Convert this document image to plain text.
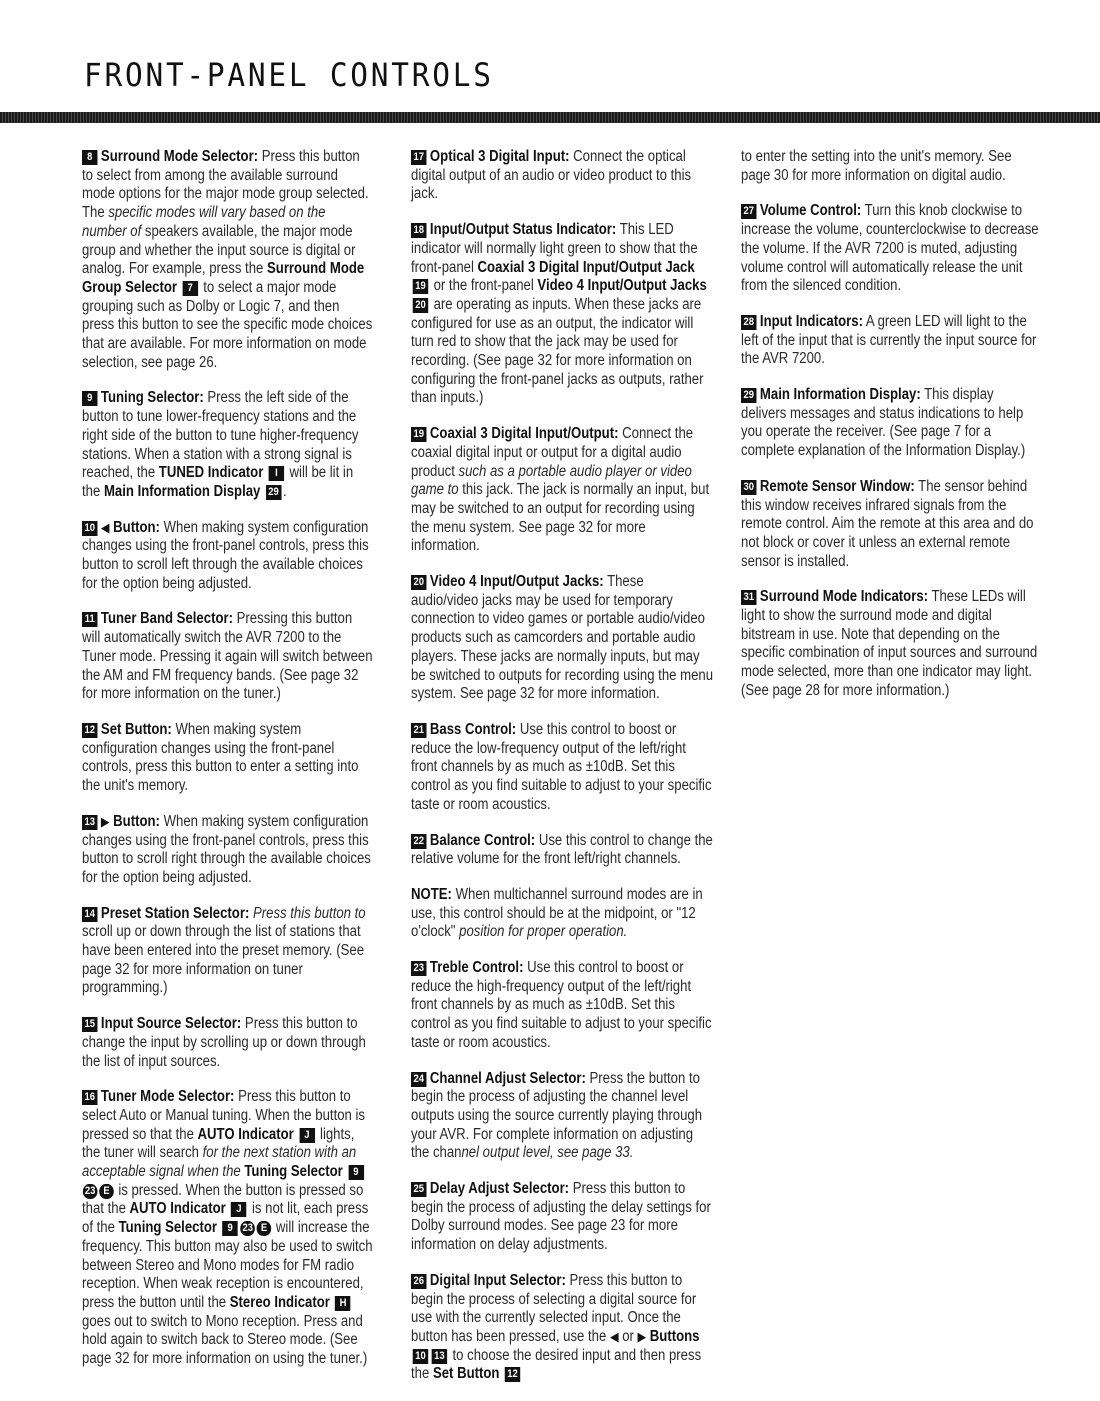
FRONT-PANEL CONTROLS

8 Surround Mode Selector: Press this button to select from among the available surround mode options for the major mode group selected. The specific modes will vary based on the number of speakers available, the major mode group and whether the input source is digital or analog. For example, press the Surround Mode Group Selector 7 to select a major mode grouping such as Dolby or Logic 7, and then press this button to see the specific mode choices that are available. For more information on mode selection, see page 26.

9 Tuning Selector: Press the left side of the button to tune lower-frequency stations and the right side of the button to tune higher-frequency stations. When a station with a strong signal is reached, the TUNED Indicator I will be lit in the Main Information Display 29 .

10 ◀ Button: When making system configuration changes using the front-panel controls, press this button to scroll left through the available choices for the option being adjusted.

11 Tuner Band Selector: Pressing this button will automatically switch the AVR 7200 to the Tuner mode. Pressing it again will switch between the AM and FM frequency bands. (See page 32 for more information on the tuner.)

12 Set Button: When making system configuration changes using the front-panel controls, press this button to enter a setting into the unit's memory.

13 ▶ Button: When making system configuration changes using the front-panel controls, press this button to scroll right through the available choices for the option being adjusted.

14 Preset Station Selector: Press this button to scroll up or down through the list of stations that have been entered into the preset memory. (See page 32 for more information on tuner programming.)

15 Input Source Selector: Press this button to change the input by scrolling up or down through the list of input sources.

16 Tuner Mode Selector: Press this button to select Auto or Manual tuning. When the button is pressed so that the AUTO Indicator J lights, the tuner will search for the next station with an acceptable signal when the Tuning Selector 923 E is pressed. When the button is pressed so that the AUTO Indicator J is not lit, each press of the Tuning Selector 9 23 E will increase the frequency. This button may also be used to switch between Stereo and Mono modes for FM radio reception. When weak reception is encountered, press the button until the Stereo Indicator H goes out to switch to Mono reception. Press and hold again to switch back to Stereo mode. (See page 32 for more information on using the tuner.)

17 Optical 3 Digital Input: Connect the optical digital output of an audio or video product to this jack.

18 Input/Output Status Indicator: This LED indicator will normally light green to show that the front-panel Coaxial 3 Digital Input/Output Jack 19 or the front-panel Video 4 Input/Output Jacks 20 are operating as inputs. When these jacks are configured for use as an output, the indicator will turn red to show that the jack may be used for recording. (See page 32 for more information on configuring the front-panel jacks as outputs, rather than inputs.)

19 Coaxial 3 Digital Input/Output: Connect the coaxial digital input or output for a digital audio product such as a portable audio player or video game to this jack. The jack is normally an input, but may be switched to an output for recording using the menu system. See page 32 for more information.

20 Video 4 Input/Output Jacks: These audio/video jacks may be used for temporary connection to video games or portable audio/video products such as camcorders and portable audio players. These jacks are normally inputs, but may be switched to outputs for recording using the menu system. See page 32 for more information.

21 Bass Control: Use this control to boost or reduce the low-frequency output of the left/right front channels by as much as ±10dB. Set this control as you find suitable to adjust to your specific taste or room acoustics.

22 Balance Control: Use this control to change the relative volume for the front left/right channels.

NOTE: When multichannel surround modes are in use, this control should be at the midpoint, or "12 o'clock" position for proper operation.

23 Treble Control: Use this control to boost or reduce the high-frequency output of the left/right front channels by as much as ±10dB. Set this control as you find suitable to adjust to your specific taste or room acoustics.

24 Channel Adjust Selector: Press the button to begin the process of adjusting the channel level outputs using the source currently playing through your AVR. For complete information on adjusting the channel output level, see page 33.

25 Delay Adjust Selector: Press this button to begin the process of adjusting the delay settings for Dolby surround modes. See page 23 for more information on delay adjustments.

26 Digital Input Selector: Press this button to begin the process of selecting a digital source for use with the currently selected input. Once the button has been pressed, use the ◀ or ▶ Buttons 10 13 to choose the desired input and then press the Set Button 12

to enter the setting into the unit's memory. See page 30 for more information on digital audio.

27 Volume Control: Turn this knob clockwise to increase the volume, counterclockwise to decrease the volume. If the AVR 7200 is muted, adjusting volume control will automatically release the unit from the silenced condition.

28 Input Indicators: A green LED will light to the left of the input that is currently the input source for the AVR 7200.

29 Main Information Display: This display delivers messages and status indications to help you operate the receiver. (See page 7 for a complete explanation of the Information Display.)

30 Remote Sensor Window: The sensor behind this window receives infrared signals from the remote control. Aim the remote at this area and do not block or cover it unless an external remote sensor is installed.

31 Surround Mode Indicators: These LEDs will light to show the surround mode and digital bitstream in use. Note that depending on the specific combination of input sources and surround mode selected, more than one indicator may light. (See page 28 for more information.)
